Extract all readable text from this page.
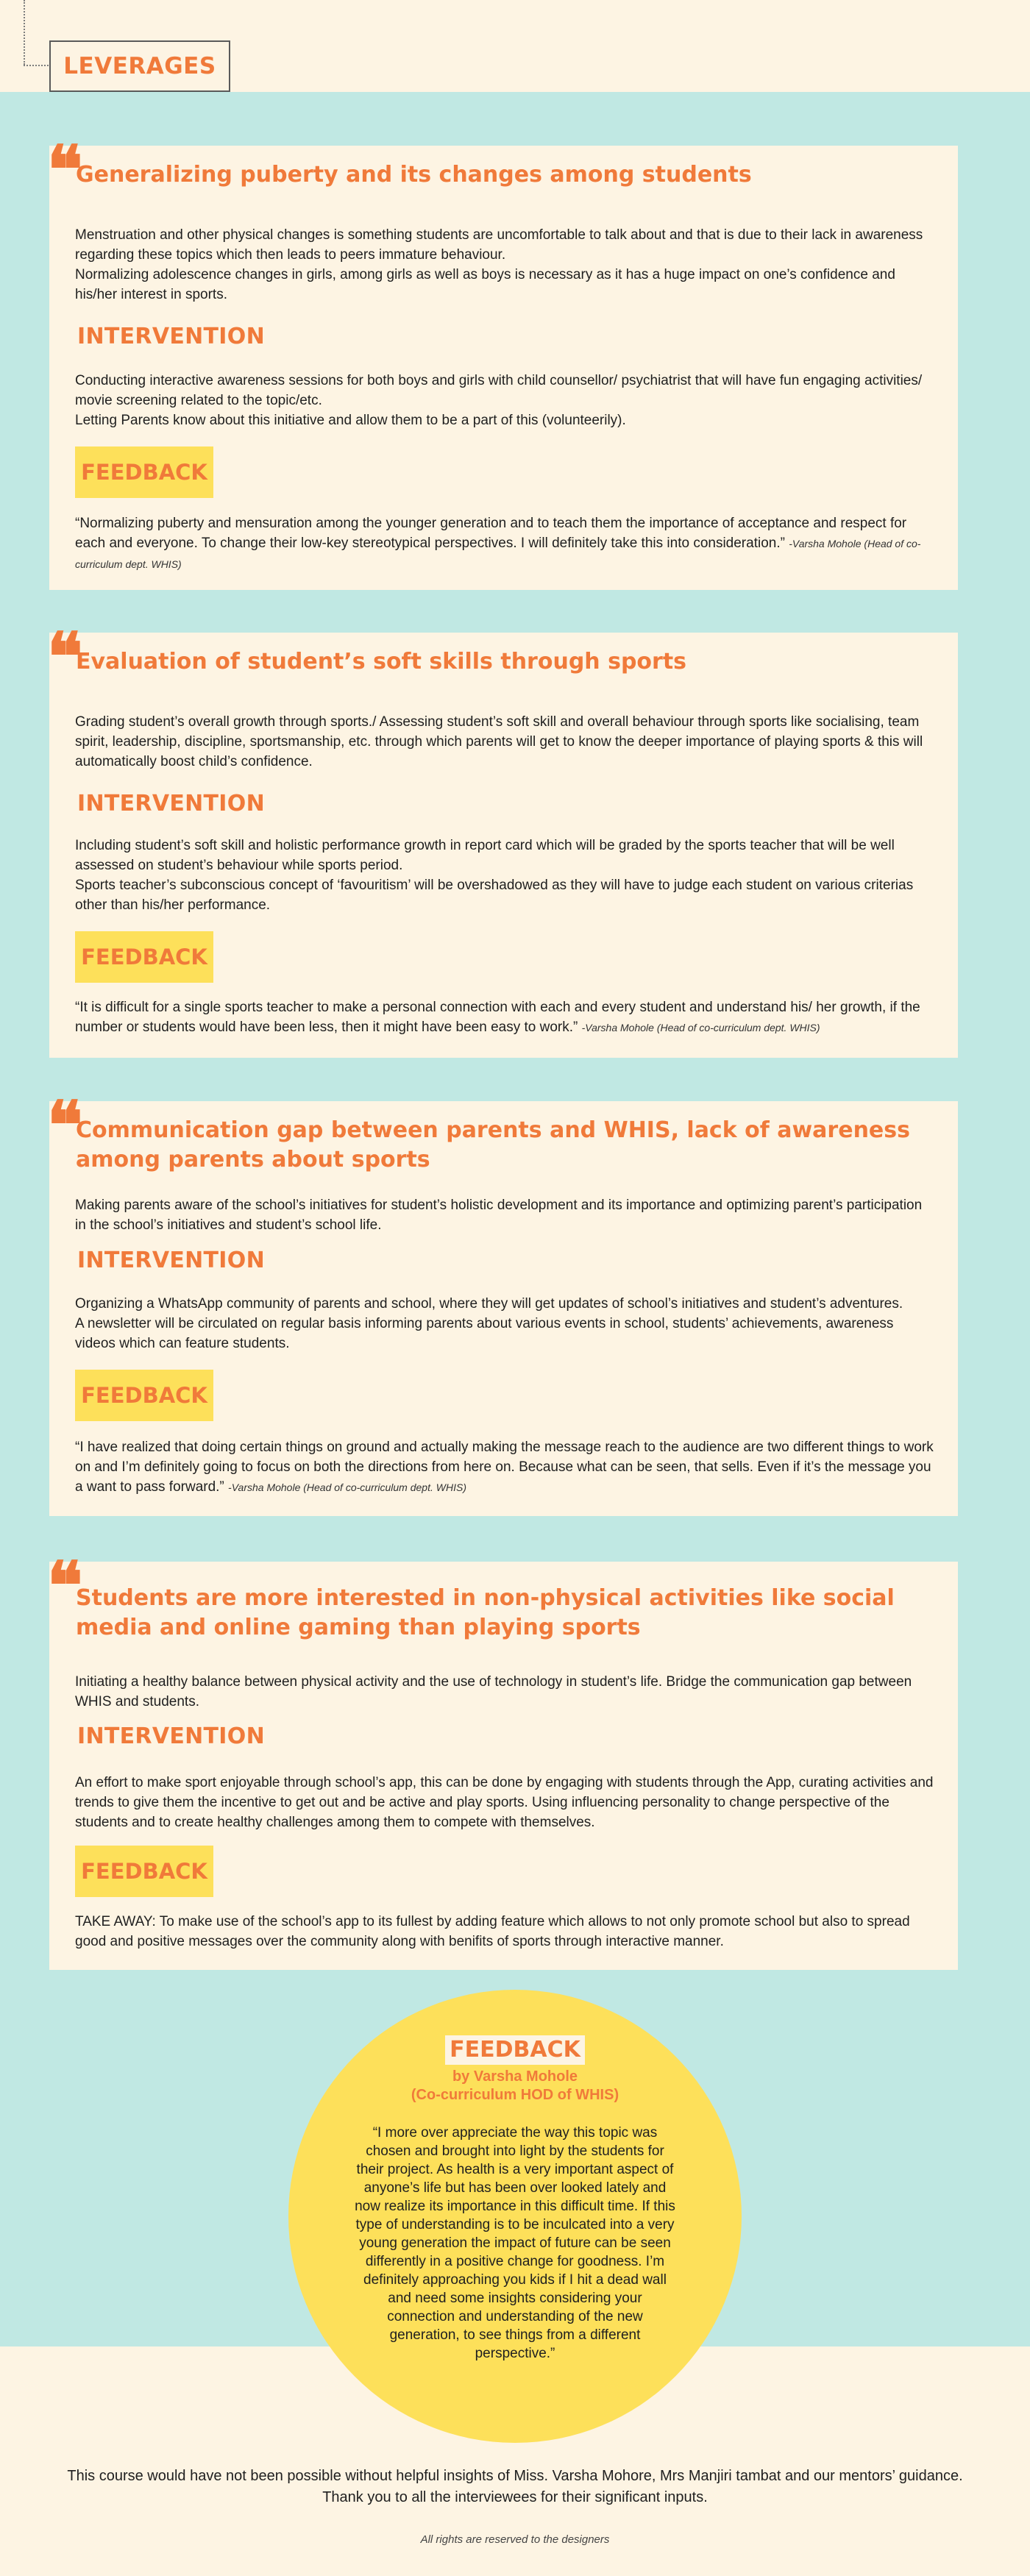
LEVERAGES
❝
Generalizing puberty and its changes among students
Menstruation and other physical changes is something students are uncomfortable to talk about and that is due to their lack in awareness regarding these topics which then leads to peers immature behaviour.
Normalizing adolescence changes in girls, among girls as well as boys is necessary as it has a huge impact on one’s confidence and his/her interest in sports.
INTERVENTION
Conducting interactive awareness sessions for both boys and girls with child counsellor/ psychiatrist that will have fun engaging activities/ movie screening related to the topic/etc.
Letting Parents know about this initiative and allow them to be a part of this (volunteerily).
FEEDBACK
“Normalizing puberty and mensuration among the younger generation and to teach them the importance of acceptance and respect for each and everyone. To change their low-key stereotypical perspectives. I will definitely take this into consideration.” -Varsha Mohole (Head of co-curriculum dept. WHIS)
❝
Evaluation of student’s soft skills through sports
Grading student’s overall growth through sports./ Assessing student’s soft skill and overall behaviour through sports like socialising, team spirit, leadership, discipline, sportsmanship, etc. through which parents will get to know the deeper importance of playing sports & this will automatically boost child’s confidence.
INTERVENTION
Including student’s soft skill and holistic performance growth in report card which will be graded by the sports teacher that will be well assessed on student’s behaviour while sports period.
Sports teacher’s subconscious concept of ‘favouritism’ will be overshadowed as they will have to judge each student on various criterias other than his/her performance.
FEEDBACK
“It is difficult for a single sports teacher to make a personal connection with each and every student and understand his/ her growth, if the number or students would have been less, then it might have been easy to work.” -Varsha Mohole (Head of co-curriculum dept. WHIS)
❝
Communication gap between parents and WHIS, lack of awareness among parents about sports
Making parents aware of the school’s initiatives for student’s holistic development and its importance and optimizing parent’s participation in the school’s initiatives and student’s school life.
INTERVENTION
Organizing a WhatsApp community of parents and school, where they will get updates of school’s initiatives and student’s adventures.
A newsletter will be circulated on regular basis informing parents about various events in school, students’ achievements, awareness videos which can feature students.
FEEDBACK
“I have realized that doing certain things on ground and actually making the message reach to the audience are two different things to work on and I’m definitely going to focus on both the directions from here on. Because what can be seen, that sells. Even if it’s the message you a want to pass forward.” -Varsha Mohole (Head of co-curriculum dept. WHIS)
❝
Students are more interested in non-physical activities like social media and online gaming than playing sports
Initiating a healthy balance between physical activity and the use of technology in student’s life. Bridge the communication gap between WHIS and students.
INTERVENTION
An effort to make sport enjoyable through school’s app, this can be done by engaging with students through the App, curating activities and trends to give them the incentive to get out and be active and play sports. Using influencing personality to change perspective of the students and to create healthy challenges among them to compete with themselves.
FEEDBACK
TAKE AWAY: To make use of the school’s app to its fullest by adding feature which allows to not only promote school but also to spread good and positive messages over the community along with benifits of sports through interactive manner.
FEEDBACK
by Varsha Mohole
(Co-curriculum HOD of WHIS)
“I more over appreciate the way this topic was chosen and brought into light by the students for their project. As health is a very important aspect of anyone’s life but has been over looked lately and now realize its importance in this difficult time. If this type of understanding is to be inculcated into a very young generation the impact of future can be seen differently in a positive change for goodness. I’m definitely approaching you kids if I hit a dead wall and need some insights considering your connection and understanding of the new generation, to see things from a different perspective.”
This course would have not been possible without helpful insights of Miss. Varsha Mohore, Mrs Manjiri tambat and our mentors’ guidance.
Thank you to all the interviewees for their significant inputs.
All rights are reserved to the designers
